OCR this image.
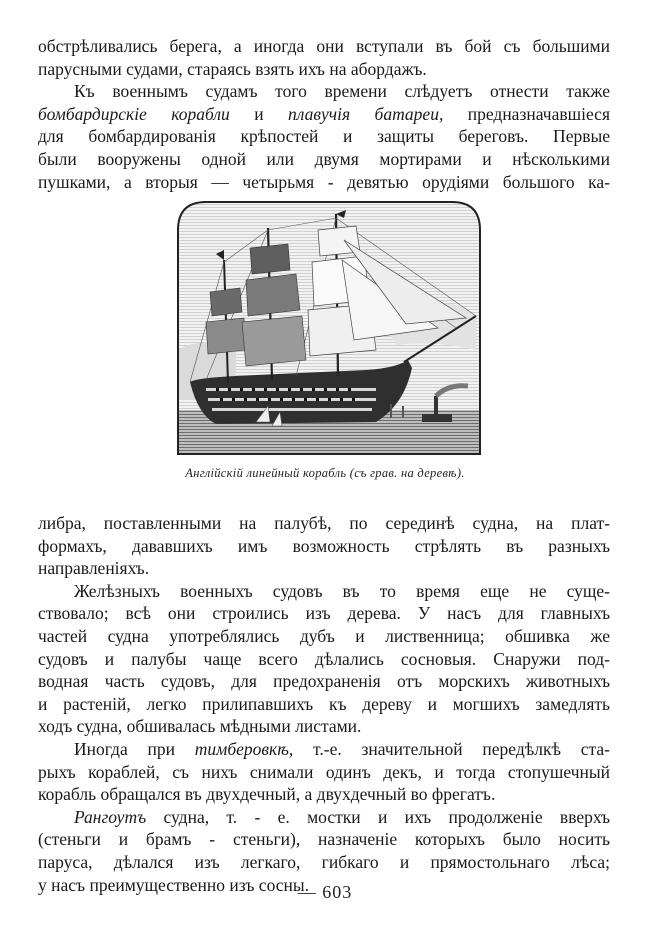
обстрѣливались берега, а иногда они вступали въ бой съ большими
парусными судами, стараясь взять ихъ на абордажъ.
Къ военнымъ судамъ того времени слѣдуетъ отнести также
бомбардирскіе корабли и плавучія батареи, предназначавшіеся
для бомбардированія крѣпостей и защиты береговъ. Первые
были вооружены одной или двумя мортирами и нѣсколькими
пушками, а вторыя — четырьмя - девятью орудіями большого ка-
Англійскій линейный корабль (съ грав. на деревѣ).
либра, поставленными на палубѣ, по серединѣ судна, на плат-
формахъ, дававшихъ имъ возможность стрѣлять въ разныхъ
направленіяхъ.
Желѣзныхъ военныхъ судовъ въ то время еще не суще-
ствовало; всѣ они строились изъ дерева. У насъ для главныхъ
частей судна употреблялись дубъ и лиственница; обшивка же
судовъ и палубы чаще всего дѣлались сосновыя. Снаружи под-
водная часть судовъ, для предохраненія отъ морскихъ животныхъ
и растеній, легко прилипавшихъ къ дереву и могшихъ замедлять
ходъ судна, обшивалась мѣдными листами.
Иногда при тимберовкѣ, т.-е. значительной передѣлкѣ ста-
рыхъ кораблей, съ нихъ снимали одинъ декъ, и тогда стопушечный
корабль обращался въ двухдечный, а двухдечный во фрегатъ.
Рангоутъ судна, т. - е. мостки и ихъ продолженіе вверхъ
(стеньги и брамъ - стеньги), назначеніе которыхъ было носить
паруса, дѣлался изъ легкаго, гибкаго и прямостольнаго лѣса;
у насъ преимущественно изъ сосны.
— 603
